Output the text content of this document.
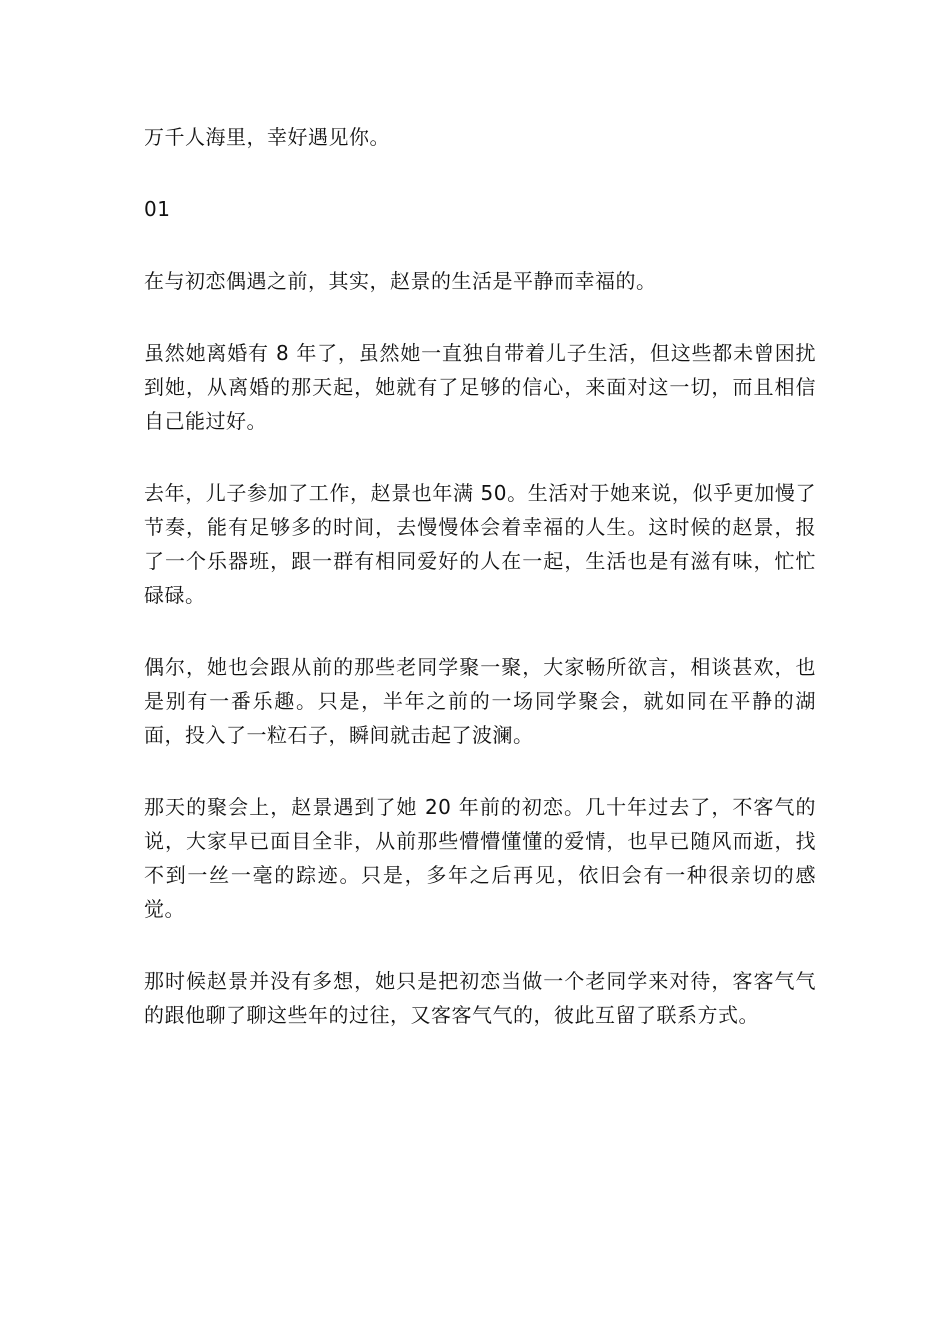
万千人海里，幸好遇见你。

01

在与初恋偶遇之前，其实，赵景的生活是平静而幸福的。

虽然她离婚有 8 年了，虽然她一直独自带着儿子生活，但这些都未曾困扰到她，从离婚的那天起，她就有了足够的信心，来面对这一切，而且相信自己能过好。

去年，儿子参加了工作，赵景也年满 50。生活对于她来说，似乎更加慢了节奏，能有足够多的时间，去慢慢体会着幸福的人生。这时候的赵景，报了一个乐器班，跟一群有相同爱好的人在一起，生活也是有滋有味，忙忙碌碌。

偶尔，她也会跟从前的那些老同学聚一聚，大家畅所欲言，相谈甚欢，也是别有一番乐趣。只是，半年之前的一场同学聚会，就如同在平静的湖面，投入了一粒石子，瞬间就击起了波澜。

那天的聚会上，赵景遇到了她 20 年前的初恋。几十年过去了，不客气的说，大家早已面目全非，从前那些懵懵懂懂的爱情，也早已随风而逝，找不到一丝一毫的踪迹。只是，多年之后再见，依旧会有一种很亲切的感觉。

那时候赵景并没有多想，她只是把初恋当做一个老同学来对待，客客气气的跟他聊了聊这些年的过往，又客客气气的，彼此互留了联系方式。
